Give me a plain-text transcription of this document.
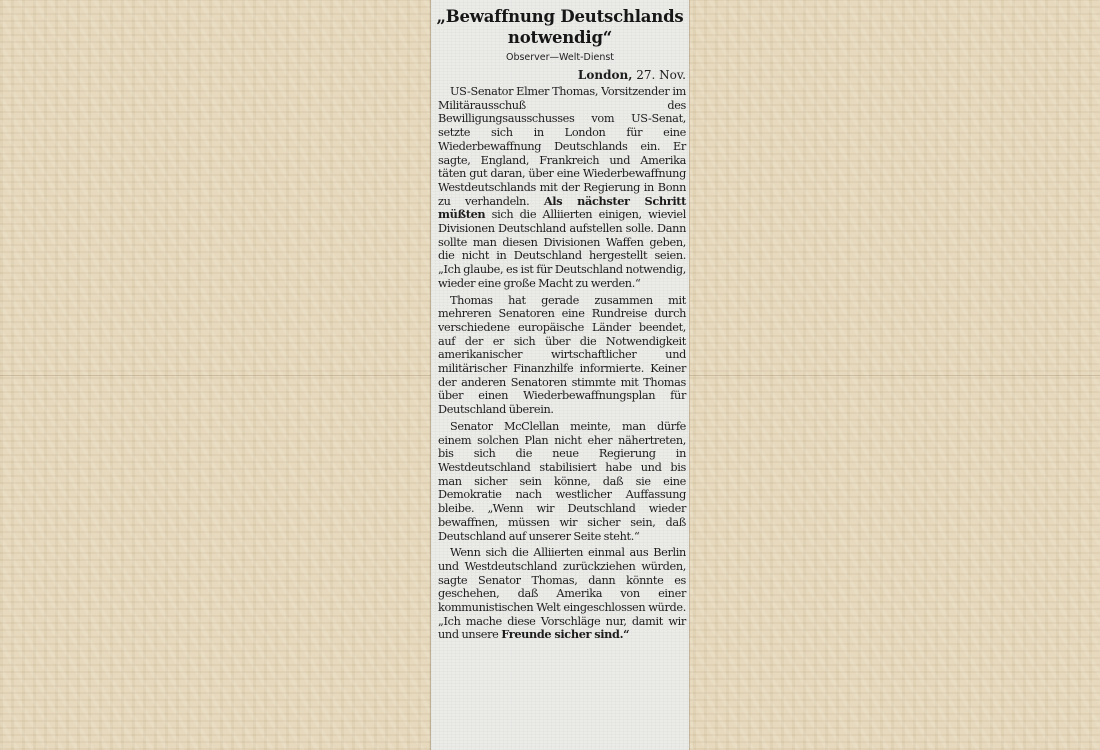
„Bewaffnung Deutschlands notwendig“
Observer—Welt-Dienst
London, 27. Nov.

US-Senator Elmer Thomas, Vorsitzender im Militärausschuß des Bewilligungsausschusses vom US-Senat, setzte sich in London für eine Wiederbewaffnung Deutschlands ein. Er sagte, England, Frankreich und Amerika täten gut daran, über eine Wiederbewaffnung Westdeutschlands mit der Regierung in Bonn zu verhandeln. Als nächster Schritt müßten sich die Alliierten einigen, wieviel Divisionen Deutschland aufstellen solle. Dann sollte man diesen Divisionen Waffen geben, die nicht in Deutschland hergestellt seien. „Ich glaube, es ist für Deutschland notwendig, wieder eine große Macht zu werden.“

Thomas hat gerade zusammen mit mehreren Senatoren eine Rundreise durch verschiedene europäische Länder beendet, auf der er sich über die Notwendigkeit amerikanischer wirtschaftlicher und militärischer Finanzhilfe informierte. Keiner der anderen Senatoren stimmte mit Thomas über einen Wiederbewaffnungsplan für Deutschland überein.

Senator McClellan meinte, man dürfe einem solchen Plan nicht eher nähertreten, bis sich die neue Regierung in Westdeutschland stabilisiert habe und bis man sicher sein könne, daß sie eine Demokratie nach westlicher Auffassung bleibe. „Wenn wir Deutschland wieder bewaffnen, müssen wir sicher sein, daß Deutschland auf unserer Seite steht.“

Wenn sich die Alliierten einmal aus Berlin und Westdeutschland zurückziehen würden, sagte Senator Thomas, dann könnte es geschehen, daß Amerika von einer kommunistischen Welt eingeschlossen würde. „Ich mache diese Vorschläge nur, damit wir und unsere Freunde sicher sind.“
